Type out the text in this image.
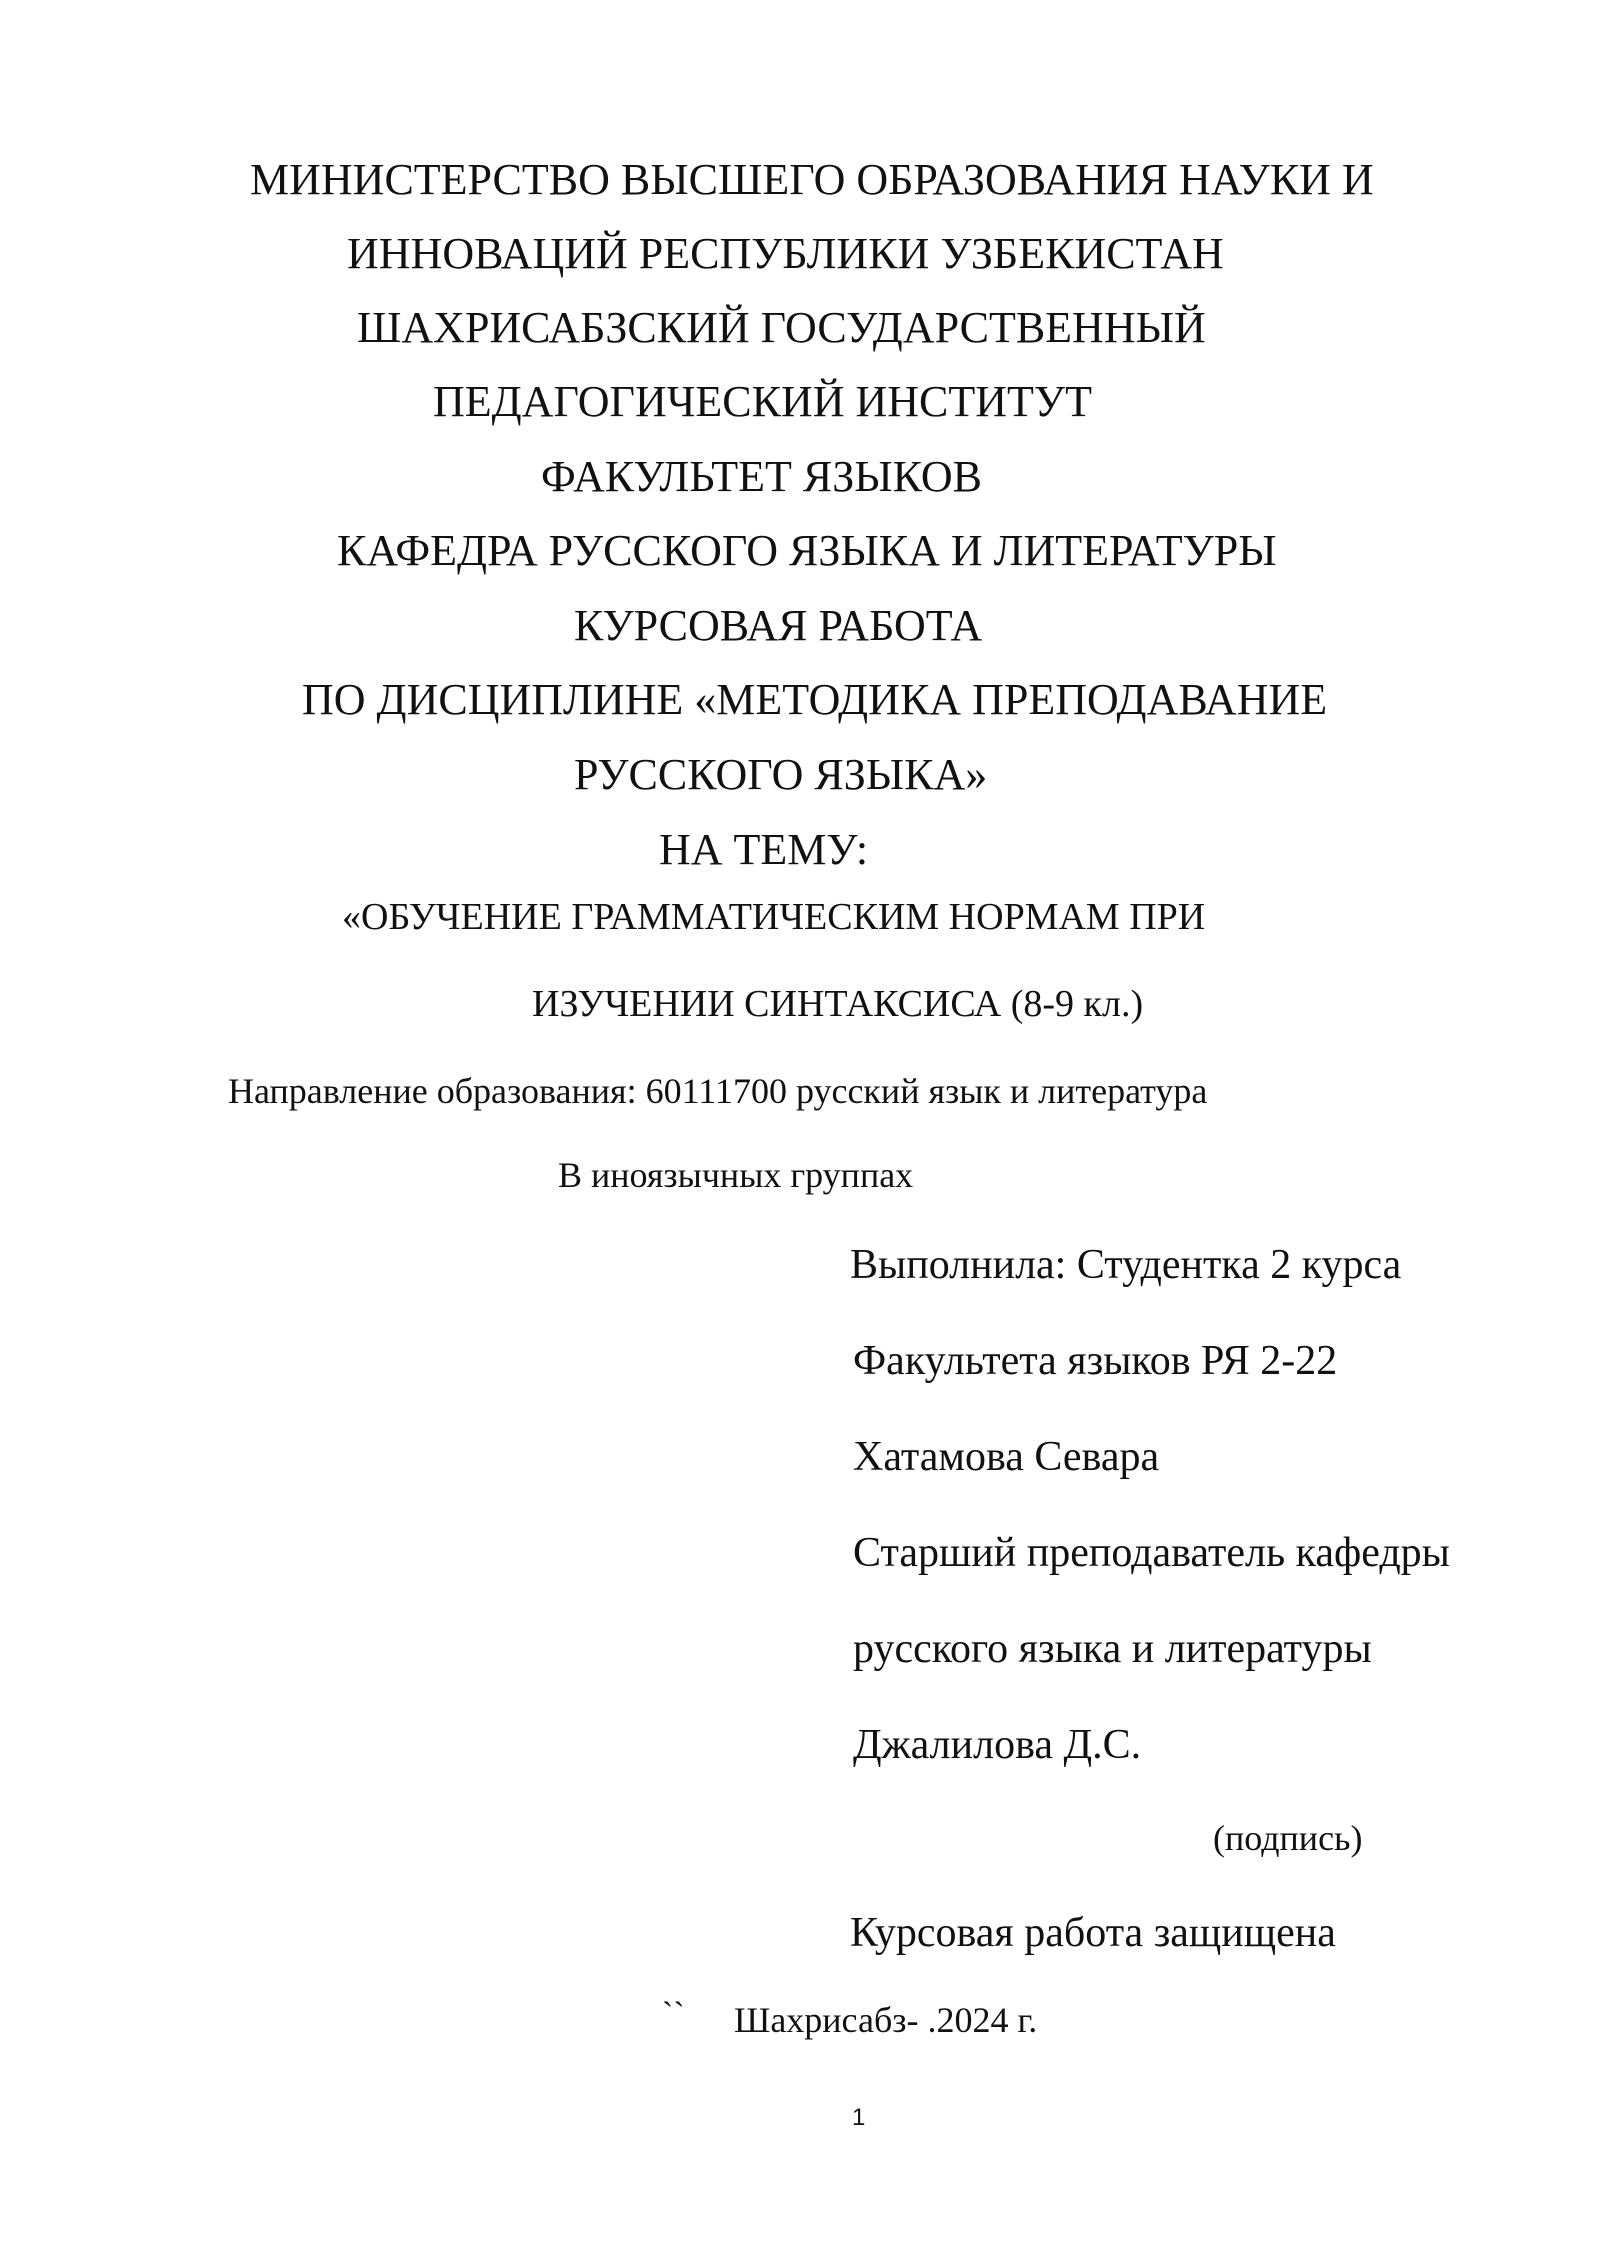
МИНИСТЕРСТВО ВЫСШЕГО ОБРАЗОВАНИЯ НАУКИ И
ИННОВАЦИЙ РЕСПУБЛИКИ УЗБЕКИСТАН
ШАХРИСАБЗСКИЙ ГОСУДАРСТВЕННЫЙ
ПЕДАГОГИЧЕСКИЙ ИНСТИТУТ
ФАКУЛЬТЕТ ЯЗЫКОВ
КАФЕДРА РУССКОГО ЯЗЫКА И ЛИТЕРАТУРЫ
КУРСОВАЯ РАБОТА
ПО ДИСЦИПЛИНЕ «МЕТОДИКА ПРЕПОДАВАНИЕ
РУССКОГО ЯЗЫКА»
НА ТЕМУ:
«ОБУЧЕНИЕ ГРАММАТИЧЕСКИМ НОРМАМ ПРИ
ИЗУЧЕНИИ СИНТАКСИСА (8-9 кл.)
Направление образования: 60111700 русский язык и литература
В иноязычных группах
Выполнила: Студентка 2 курса
Факультета языков РЯ 2-22
Хатамова Севара
Старший преподаватель кафедры
русского языка и литературы
Джалилова Д.С.
(подпись)
Курсовая работа защищена
`` Шахрисабз- .2024 г.
1
